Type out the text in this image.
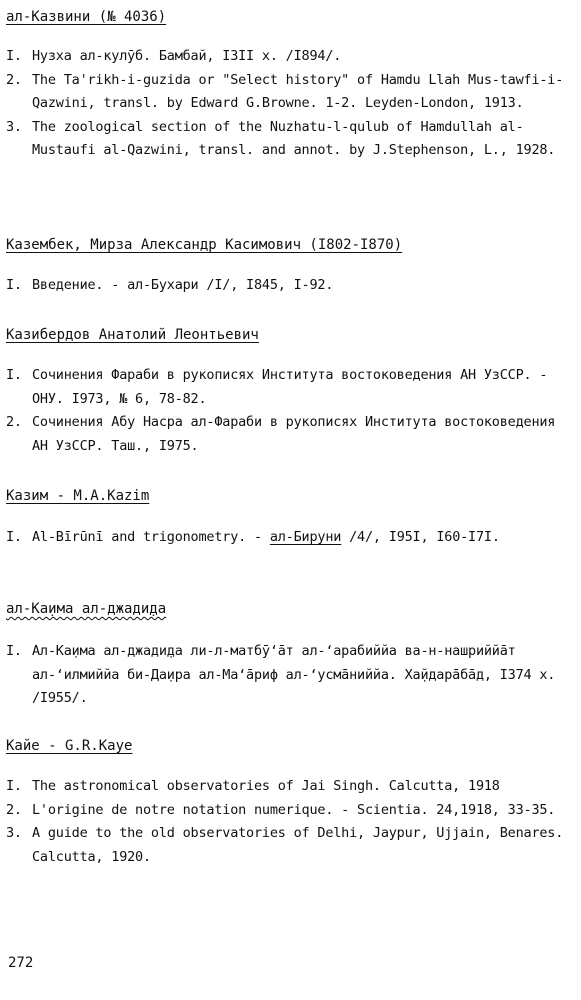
ал-Казвини (№ 4036)
I. Нузха ал-кулӯб. Бамбай, I3II х. /I894/.
2. The Ta'rikh-i-guzida or "Select history" of Hamdu Llah Mus-tawfi-i-Qazwini, transl. by Edward G.Browne. 1-2. Leyden-London, 1913.
3. The zoological section of the Nuzhatu-l-qulub of Hamdullah al-Mustaufi al-Qazwini, transl. and annot. by J.Stephenson, L., 1928.
Казембек, Мирза Александр Касимович (I802-I870)
I. Введение. - ал-Бухари /I/, I845, I-92.
Казибердов Анатолий Леонтьевич
I. Сочинения Фараби в рукописях Института востоковедения АН УзССР. - ОНУ. I973, № 6, 78-82.
2. Сочинения Абу Насра ал-Фараби в рукописях Института востоковедения АН УзССР. Таш., I975.
Казим - M.A.Kazim
I. Al-Bīrūnī and trigonometry. - ал-Бируни /4/, I95I, I60-I7I.
ал-Ка̣има ал-джади̣да
I. Ал-Ка̣има ал-джади̣да ли-л-матбӯ‘āт ал-‘арабиййа ва-н-нашриййāт ал-‘илмиййа би-Да̣ира ал-Ма‘āриф ал-‘усмāниййа. Ха̣йдарāбāд, I374 х. /I955/.
Кайе - G.R.Kaye
I. The astronomical observatories of Jai Singh. Calcutta, 1918
2. L'origine de notre notation numerique. - Scientia. 24,1918, 33-35.
3. A guide to the old observatories of Delhi, Jaypur, Ujjain, Benares. Calcutta, 1920.
272
